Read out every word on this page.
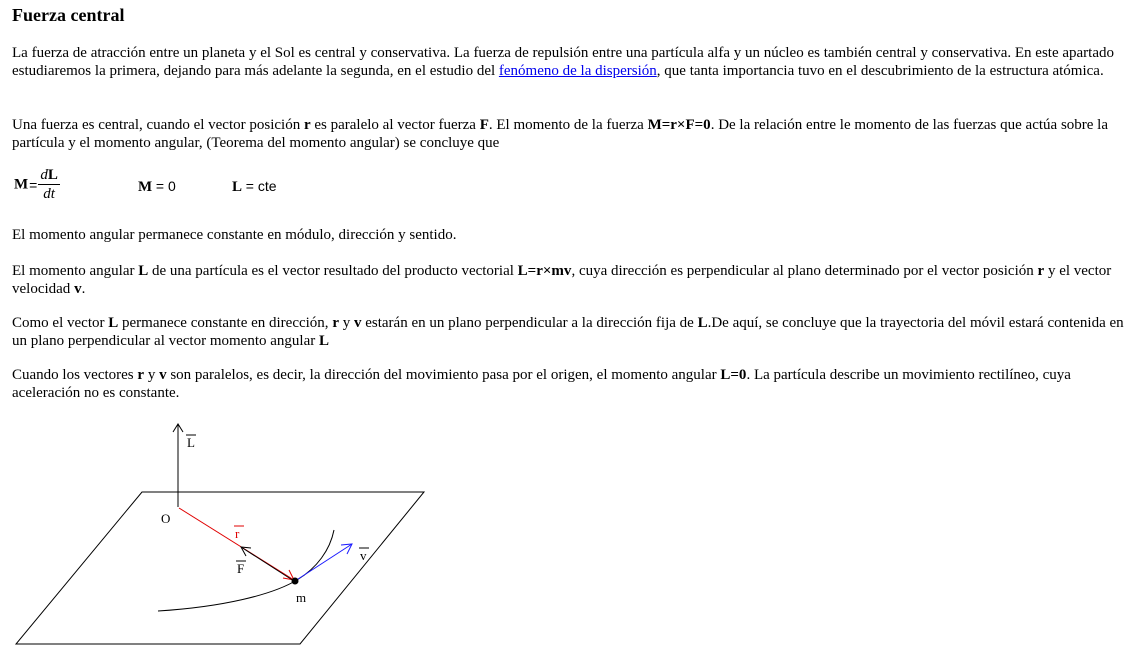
Fuerza central

La fuerza de atracción entre un planeta y el Sol es central y conservativa. La fuerza de repulsión entre una partícula alfa y un núcleo es también central y conservativa. En este apartado estudiaremos la primera, dejando para más adelante la segunda, en el estudio del fenómeno de la dispersión, que tanta importancia tuvo en el descubrimiento de la estructura atómica.

Una fuerza es central, cuando el vector posición r es paralelo al vector fuerza F. El momento de la fuerza M=r×F=0. De la relación entre le momento de las fuerzas que actúa sobre la partícula y el momento angular, (Teorema del momento angular) se concluye que

$M= \frac{dL}{dt}$	M = 0	L = cte

El momento angular permanece constante en módulo, dirección y sentido.

El momento angular L de una partícula es el vector resultado del producto vectorial L=r×mv, cuya dirección es perpendicular al plano determinado por el vector posición r y el vector velocidad v.

Como el vector L permanece constante en dirección, r y v estarán en un plano perpendicular a la dirección fija de L.De aquí, se concluye que la trayectoria del móvil estará contenida en un plano perpendicular al vector momento angular L

Cuando los vectores r y v son paralelos, es decir, la dirección del movimiento pasa por el origen, el momento angular L=0. La partícula describe un movimiento rectilíneo, cuya aceleración no es constante.

L
O
r
F
v
m
